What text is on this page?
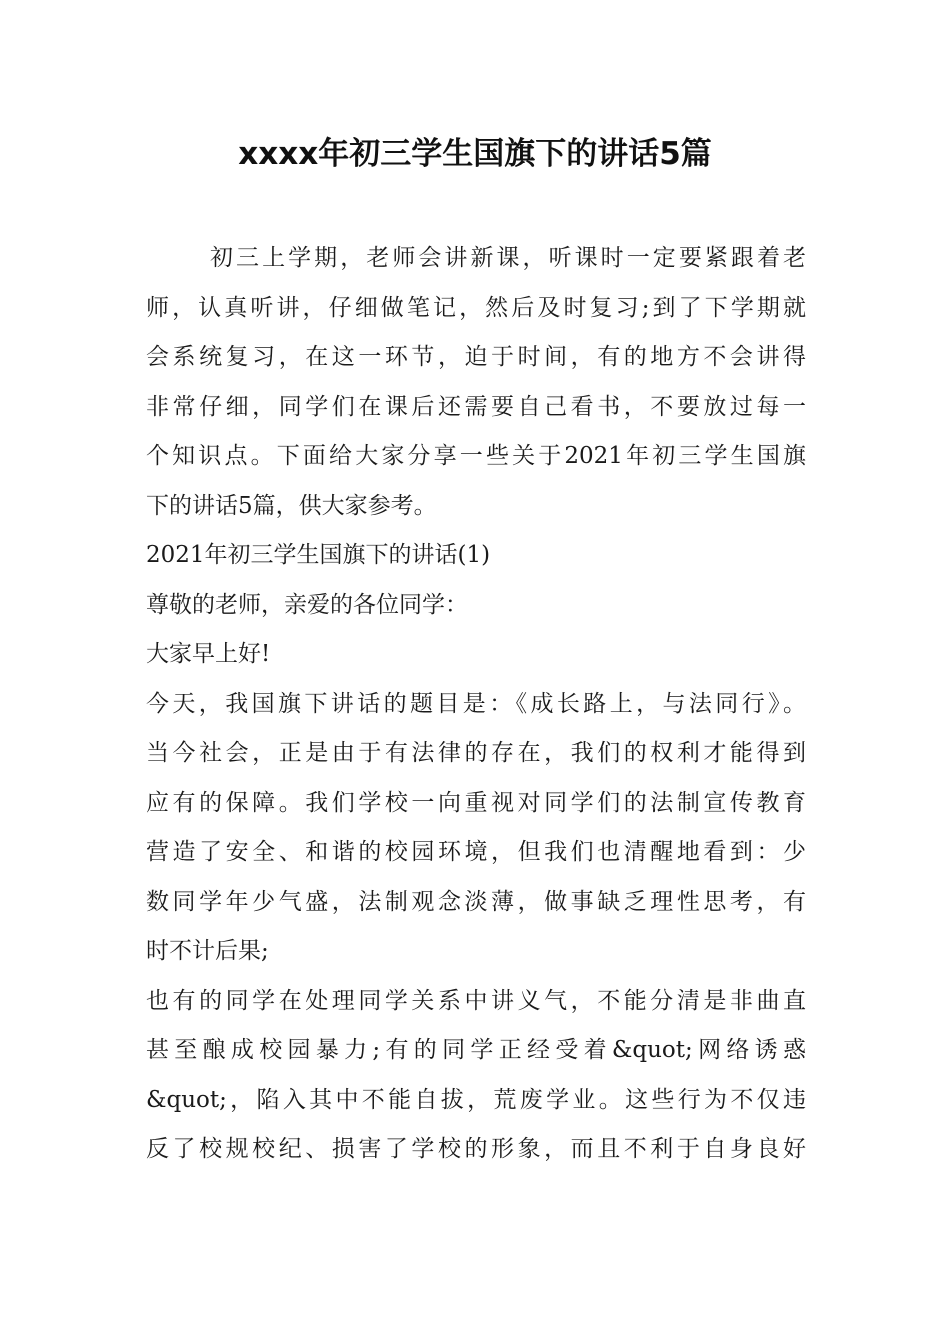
xxxx年初三学生国旗下的讲话5篇
初三上学期，老师会讲新课，听课时一定要紧跟着老
师，认真听讲，仔细做笔记，然后及时复习;到了下学期就
会系统复习，在这一环节，迫于时间，有的地方不会讲得
非常仔细，同学们在课后还需要自己看书，不要放过每一
个知识点。下面给大家分享一些关于2021年初三学生国旗
下的讲话5篇，供大家参考。
2021年初三学生国旗下的讲话(1)
尊敬的老师，亲爱的各位同学：
大家早上好!
今天，我国旗下讲话的题目是：《成长路上，与法同行》。
当今社会，正是由于有法律的存在，我们的权利才能得到
应有的保障。我们学校一向重视对同学们的法制宣传教育
营造了安全、和谐的校园环境，但我们也清醒地看到：少
数同学年少气盛，法制观念淡薄，做事缺乏理性思考，有
时不计后果;
也有的同学在处理同学关系中讲义气，不能分清是非曲直
甚至酿成校园暴力;有的同学正经受着&quot;网络诱惑
&quot;，陷入其中不能自拔，荒废学业。这些行为不仅违
反了校规校纪、损害了学校的形象，而且不利于自身良好
